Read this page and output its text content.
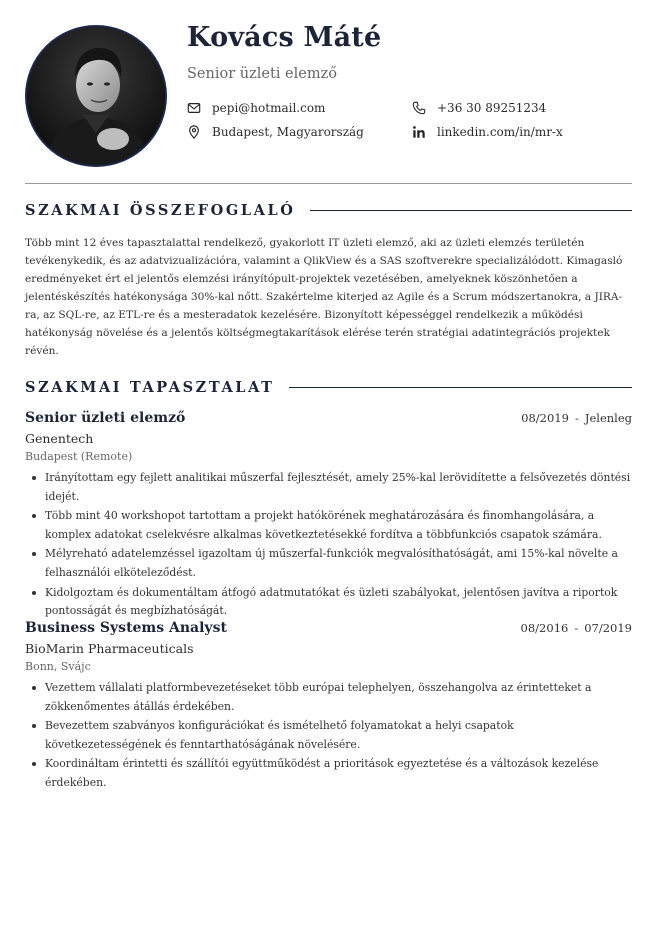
Kovács Máté
Senior üzleti elemző
pepi@hotmail.com	+36 30 89251234
Budapest, Magyarország	linkedin.com/in/mr-x
SZAKMAI ÖSSZEFOGLALÓ

Több mint 12 éves tapasztalattal rendelkező, gyakorlott IT üzleti elemző, aki az üzleti elemzés területén tevékenykedik, és az adatvizualizációra, valamint a QlikView és a SAS szoftverekre specializálódott. Kimagasló eredményeket ért el jelentős elemzési irányítópult-projektek vezetésében, amelyeknek köszönhetően a jelentéskészítés hatékonysága 30%-kal nőtt. Szakértelme kiterjed az Agile és a Scrum módszertanokra, a JIRA-ra, az SQL-re, az ETL-re és a mesteradatok kezelésére. Bizonyított képességgel rendelkezik a működési hatékonyság növelése és a jelentős költségmegtakarítások elérése terén stratégiai adatintegrációs projektek révén.

SZAKMAI TAPASZTALAT
Senior üzleti elemző	08/2019 - Jelenleg
Genentech
Budapest (Remote)
Irányítottam egy fejlett analitikai műszerfal fejlesztését, amely 25%-kal lerövidítette a felsővezetés döntési idejét.
Több mint 40 workshopot tartottam a projekt hatókörének meghatározására és finomhangolására, a komplex adatokat cselekvésre alkalmas következtetésekké fordítva a többfunkciós csapatok számára.
Mélyreható adatelemzéssel igazoltam új műszerfal-funkciók megvalósíthatóságát, ami 15%-kal növelte a felhasználói elköteleződést.
Kidolgoztam és dokumentáltam átfogó adatmutatókat és üzleti szabályokat, jelentősen javítva a riportok pontosságát és megbízhatóságát.
Business Systems Analyst	08/2016 - 07/2019
BioMarin Pharmaceuticals
Bonn, Svájc
Vezettem vállalati platformbevezetéseket több európai telephelyen, összehangolva az érintetteket a zökkenőmentes átállás érdekében.
Bevezettem szabványos konfigurációkat és ismételhető folyamatokat a helyi csapatok következetességének és fenntarthatóságának növelésére.
Koordináltam érintetti és szállítói együttműködést a prioritások egyeztetése és a változások kezelése érdekében.
